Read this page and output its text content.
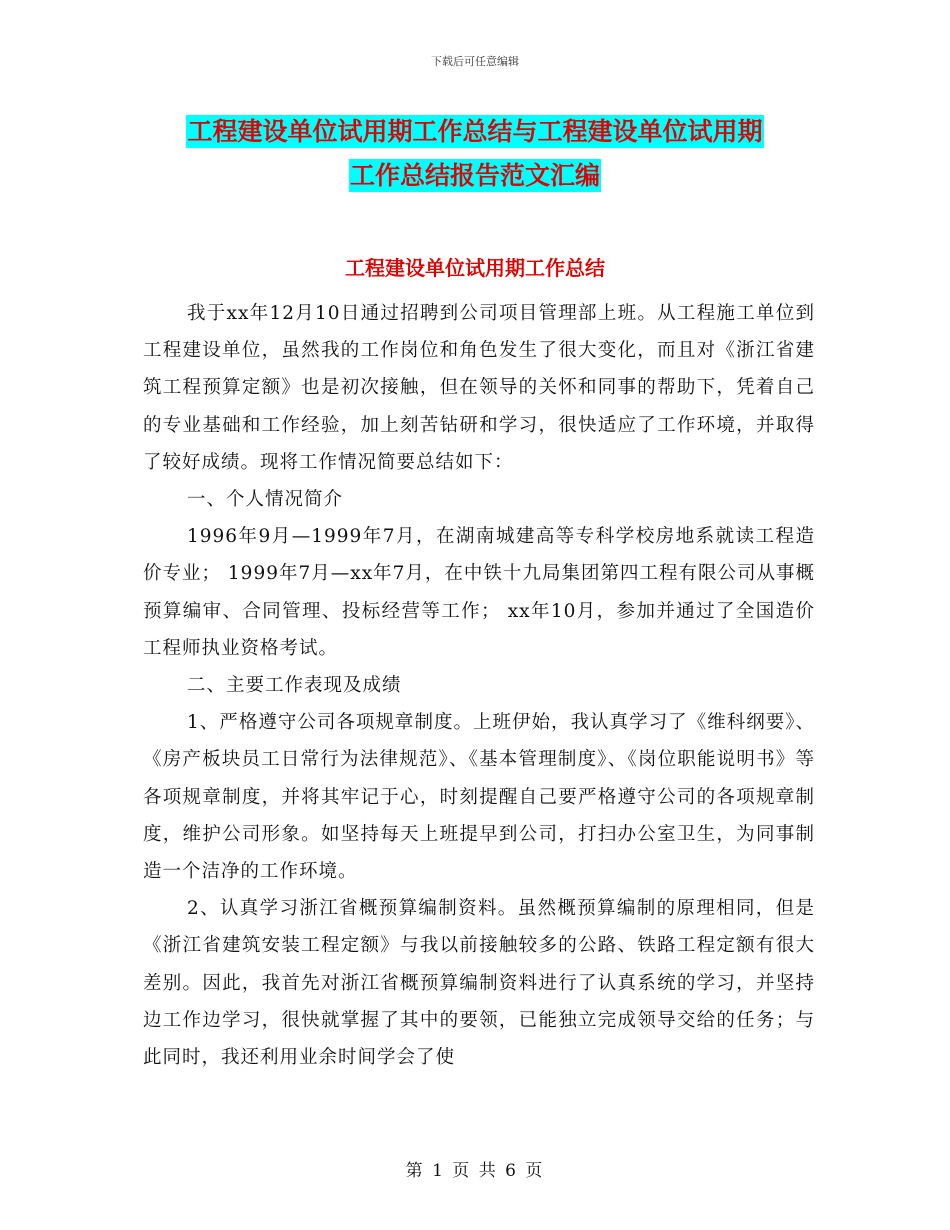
下载后可任意编辑
工程建设单位试用期工作总结与工程建设单位试用期
工作总结报告范文汇编
工程建设单位试用期工作总结

我于xx年12月10日通过招聘到公司项目管理部上班。从工程施工单位到工程建设单位，虽然我的工作岗位和角色发生了很大变化，而且对《浙江省建筑工程预算定额》也是初次接触，但在领导的关怀和同事的帮助下，凭着自己的专业基础和工作经验，加上刻苦钻研和学习，很快适应了工作环境，并取得了较好成绩。现将工作情况简要总结如下：

一、个人情况简介

1996年9月—1999年7月，在湖南城建高等专科学校房地系就读工程造价专业； 1999年7月—xx年7月，在中铁十九局集团第四工程有限公司从事概预算编审、合同管理、投标经营等工作； xx年10月，参加并通过了全国造价工程师执业资格考试。

二、主要工作表现及成绩

1、严格遵守公司各项规章制度。上班伊始，我认真学习了《维科纲要》、《房产板块员工日常行为法律规范》、《基本管理制度》、《岗位职能说明书》等各项规章制度，并将其牢记于心，时刻提醒自己要严格遵守公司的各项规章制度，维护公司形象。如坚持每天上班提早到公司，打扫办公室卫生，为同事制造一个洁净的工作环境。

2、认真学习浙江省概预算编制资料。虽然概预算编制的原理相同，但是《浙江省建筑安装工程定额》与我以前接触较多的公路、铁路工程定额有很大差别。因此，我首先对浙江省概预算编制资料进行了认真系统的学习，并坚持边工作边学习，很快就掌握了其中的要领，已能独立完成领导交给的任务；与此同时，我还利用业余时间学会了使

第 1 页 共 6 页
